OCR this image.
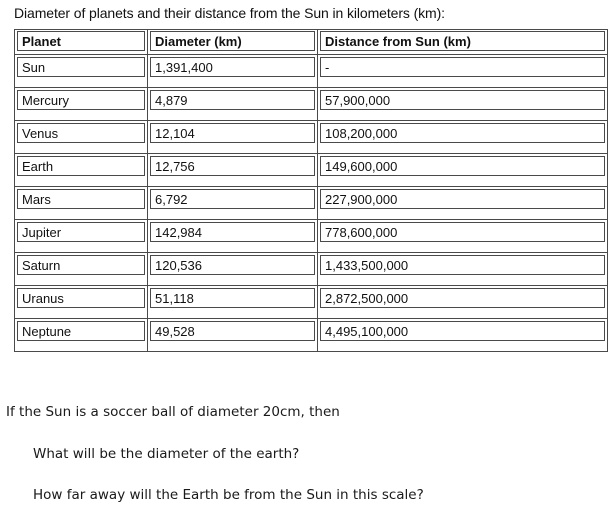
Diameter of planets and their distance from the Sun in kilometers (km):
Planet	Diameter (km)	Distance from Sun (km)

Sun	1,391,400	-

Mercury	4,879	57,900,000

Venus	12,104	108,200,000

Earth	12,756	149,600,000

Mars	6,792	227,900,000

Jupiter	142,984	778,600,000

Saturn	120,536	1,433,500,000

Uranus	51,118	2,872,500,000

Neptune	49,528	4,495,100,000
If the Sun is a soccer ball of diameter 20cm, then
What will be the diameter of the earth?
How far away will the Earth be from the Sun in this scale?
